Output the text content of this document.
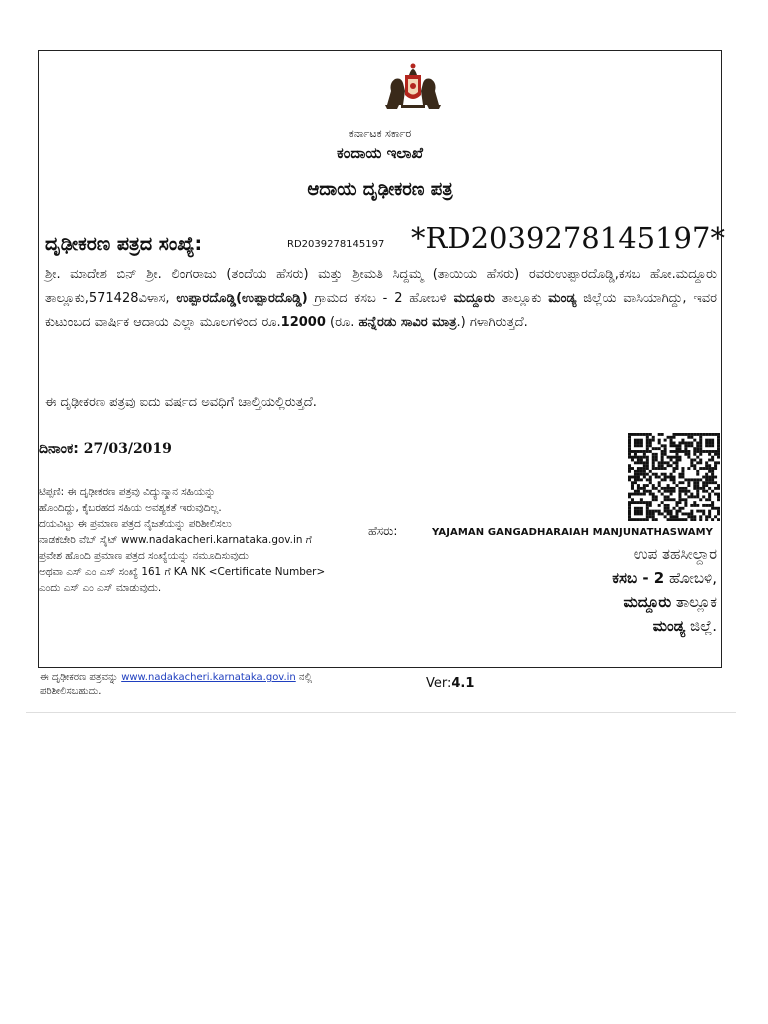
ಕರ್ನಾಟಕ ಸರ್ಕಾರ
ಕಂದಾಯ ಇಲಾಖೆ
ಆದಾಯ ದೃಢೀಕರಣ ಪತ್ರ
ದೃಢೀಕರಣ ಪತ್ರದ ಸಂಖ್ಯೆ:	RD2039278145197 *RD2039278145197*
ಶ್ರೀ. ಮಾದೇಶ ಬಿನ್ ಶ್ರೀ. ಲಿಂಗರಾಜು (ತಂದೆಯ ಹೆಸರು) ಮತ್ತು ಶ್ರೀಮತಿ ಸಿದ್ದಮ್ಮ (ತಾಯಿಯ ಹೆಸರು) ರವರುಉಪ್ಪಾರದೊಡ್ಡಿ,ಕಸಬ ಹೋ.ಮದ್ದೂರು ತಾಲ್ಲೂಕು,571428ವಿಳಾಸ, ಉಪ್ಪಾರದೊಡ್ಡಿ(ಉಪ್ಪಾರದೊಡ್ಡಿ) ಗ್ರಾಮದ ಕಸಬ - 2 ಹೋಬಳಿ ಮದ್ದೂರು ತಾಲ್ಲೂಕು ಮಂಡ್ಯ ಜಿಲ್ಲೆಯ ವಾಸಿಯಾಗಿದ್ದು, ಇವರ ಕುಟುಂಬದ ವಾರ್ಷಿಕ ಆದಾಯ ಎಲ್ಲಾ ಮೂಲಗಳಿಂದ ರೂ.12000 (ರೂ. ಹನ್ನೆರಡು ಸಾವಿರ ಮಾತ್ರ.) ಗಳಾಗಿರುತ್ತದೆ.
ಈ ದೃಢೀಕರಣ ಪತ್ರವು ಐದು ವರ್ಷದ ಅವಧಿಗೆ ಚಾಲ್ತಿಯಲ್ಲಿರುತ್ತದೆ.
ದಿನಾಂಕ: 27/03/2019
ಟಿಪ್ಪಣಿ: ಈ ದೃಢೀಕರಣ ಪತ್ರವು ವಿದ್ಯುನ್ಮಾನ ಸಹಿಯನ್ನು
ಹೊಂದಿದ್ದು, ಕೈಬರಹದ ಸಹಿಯ ಅವಶ್ಯಕತೆ ಇರುವುದಿಲ್ಲ.
ದಯವಿಟ್ಟು ಈ ಪ್ರಮಾಣ ಪತ್ರದ ನೈಜತೆಯನ್ನು ಪರಿಶೀಲಿಸಲು
ನಾಡಕಚೇರಿ ವೆಬ್ ಸೈಟ್ www.nadakacheri.karnataka.gov.in ಗೆ
ಪ್ರವೇಶ ಹೊಂದಿ ಪ್ರಮಾಣ ಪತ್ರದ ಸಂಖ್ಯೆಯನ್ನು ನಮೂದಿಸುವುದು
ಅಥವಾ ಎಸ್ ಎಂ ಎಸ್ ಸಂಖ್ಯೆ 161 ಗೆ KA NK <Certificate Number>
ಎಂದು ಎಸ್ ಎಂ ಎಸ್ ಮಾಡುವುದು.
ಹೆಸರು:	YAJAMAN GANGADHARAIAH MANJUNATHASWAMY
ಉಪ ತಹಸೀಲ್ದಾರ
ಕಸಬ - 2 ಹೋಬಳಿ,
ಮದ್ದೂರು ತಾಲ್ಲೂಕ
ಮಂಡ್ಯ ಜಿಲ್ಲೆ.
ಈ ದೃಢೀಕರಣ ಪತ್ರವನ್ನು www.nadakacheri.karnataka.gov.in ನಲ್ಲಿ
ಪರಿಶೀಲಿಸಬಹುದು.
Ver:4.1
